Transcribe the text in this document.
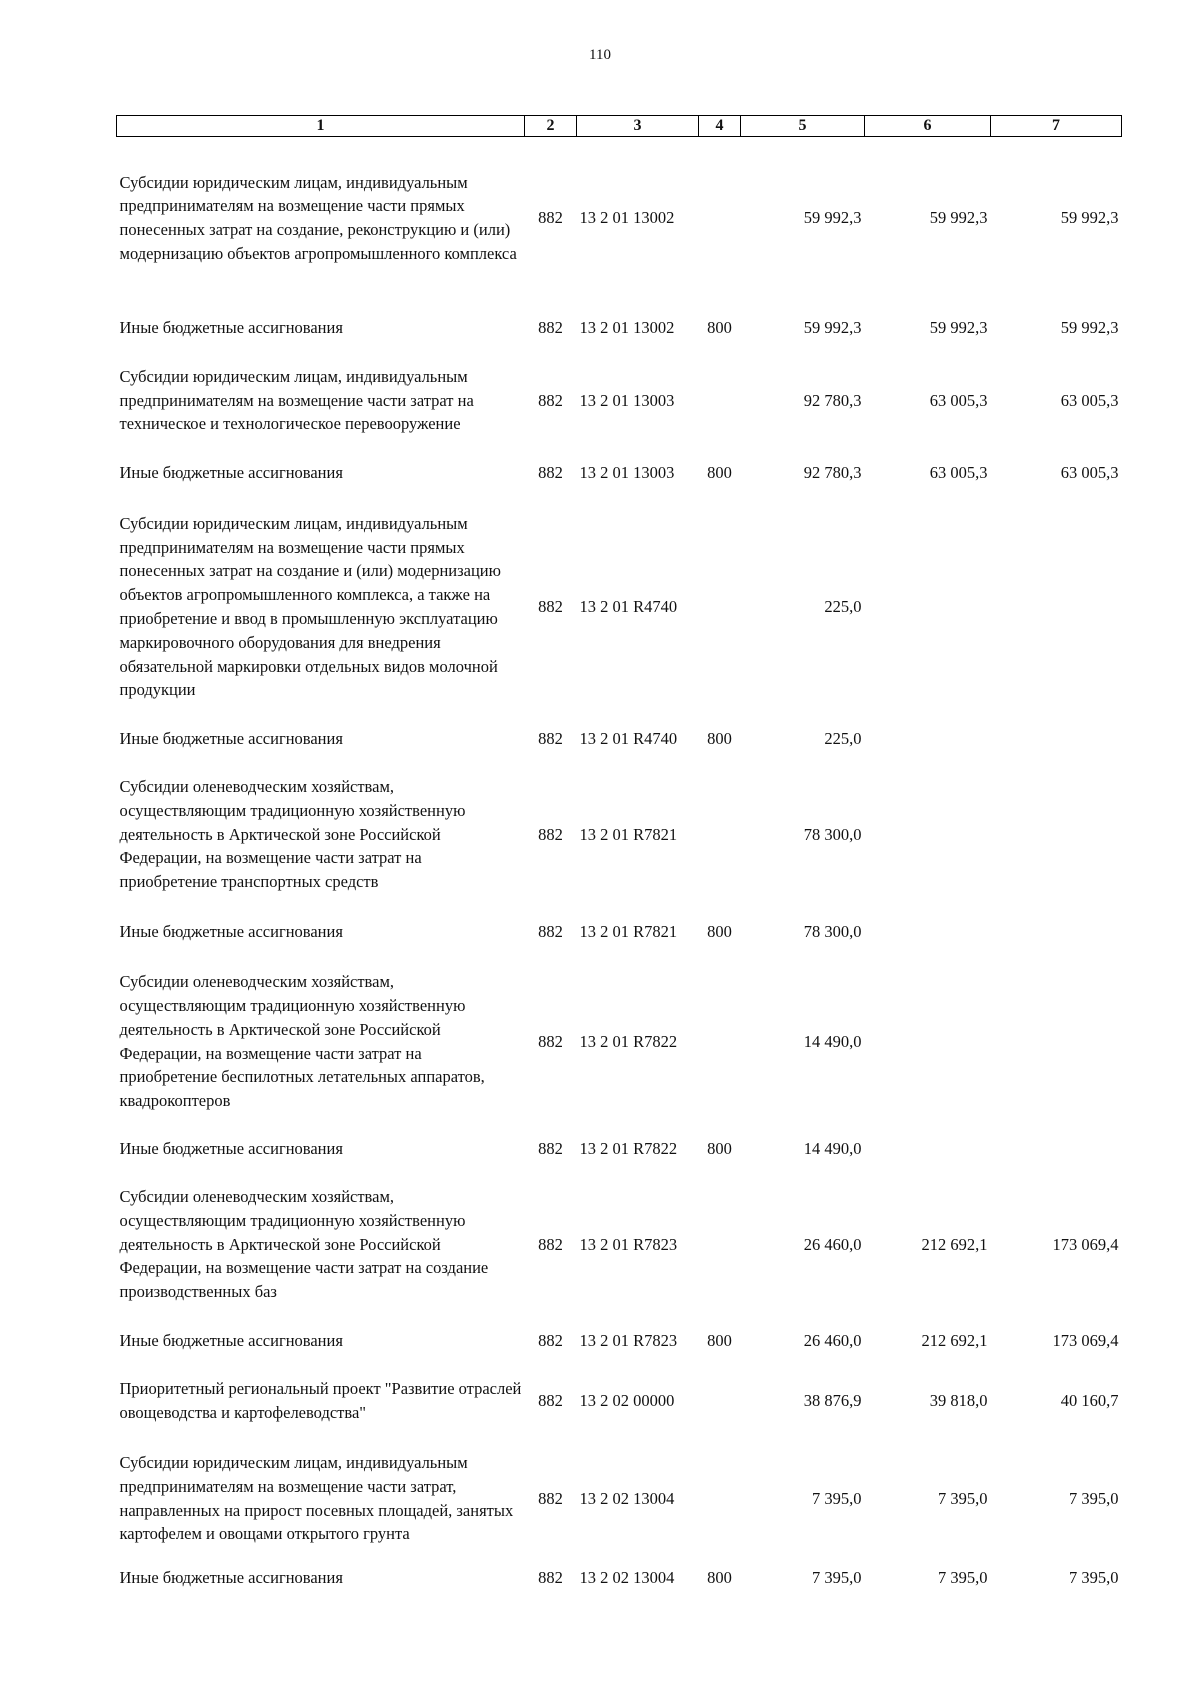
110
1	2	3	4	5	6	7
Субсидии юридическим лицам, индивидуальным предпринимателям на возмещение части прямых понесенных затрат на создание, реконструкцию и (или) модернизацию объектов агропромышленного комплекса	882	13 2 01 13002		59 992,3	59 992,3	59 992,3
Иные бюджетные ассигнования	882	13 2 01 13002	800	59 992,3	59 992,3	59 992,3
Субсидии юридическим лицам, индивидуальным предпринимателям на возмещение части затрат на техническое и технологическое перевооружение	882	13 2 01 13003		92 780,3	63 005,3	63 005,3
Иные бюджетные ассигнования	882	13 2 01 13003	800	92 780,3	63 005,3	63 005,3
Субсидии юридическим лицам, индивидуальным предпринимателям на возмещение части прямых понесенных затрат на создание и (или) модернизацию объектов агропромышленного комплекса, а также на приобретение и ввод в промышленную эксплуатацию маркировочного оборудования для внедрения обязательной маркировки отдельных видов молочной продукции	882	13 2 01 R4740		225,0		
Иные бюджетные ассигнования	882	13 2 01 R4740	800	225,0		
Субсидии оленеводческим хозяйствам, осуществляющим традиционную хозяйственную деятельность в Арктической зоне Российской Федерации, на возмещение части затрат на приобретение транспортных средств	882	13 2 01 R7821		78 300,0		
Иные бюджетные ассигнования	882	13 2 01 R7821	800	78 300,0		
Субсидии оленеводческим хозяйствам, осуществляющим традиционную хозяйственную деятельность в Арктической зоне Российской Федерации, на возмещение части затрат на приобретение беспилотных летательных аппаратов, квадрокоптеров	882	13 2 01 R7822		14 490,0		
Иные бюджетные ассигнования	882	13 2 01 R7822	800	14 490,0		
Субсидии оленеводческим хозяйствам, осуществляющим традиционную хозяйственную деятельность в Арктической зоне Российской Федерации, на возмещение части затрат на создание производственных баз	882	13 2 01 R7823		26 460,0	212 692,1	173 069,4
Иные бюджетные ассигнования	882	13 2 01 R7823	800	26 460,0	212 692,1	173 069,4
Приоритетный региональный проект "Развитие отраслей овощеводства и картофелеводства"	882	13 2 02 00000		38 876,9	39 818,0	40 160,7
Субсидии юридическим лицам, индивидуальным предпринимателям на возмещение части затрат, направленных на прирост посевных площадей, занятых картофелем и овощами открытого грунта	882	13 2 02 13004		7 395,0	7 395,0	7 395,0
Иные бюджетные ассигнования	882	13 2 02 13004	800	7 395,0	7 395,0	7 395,0
